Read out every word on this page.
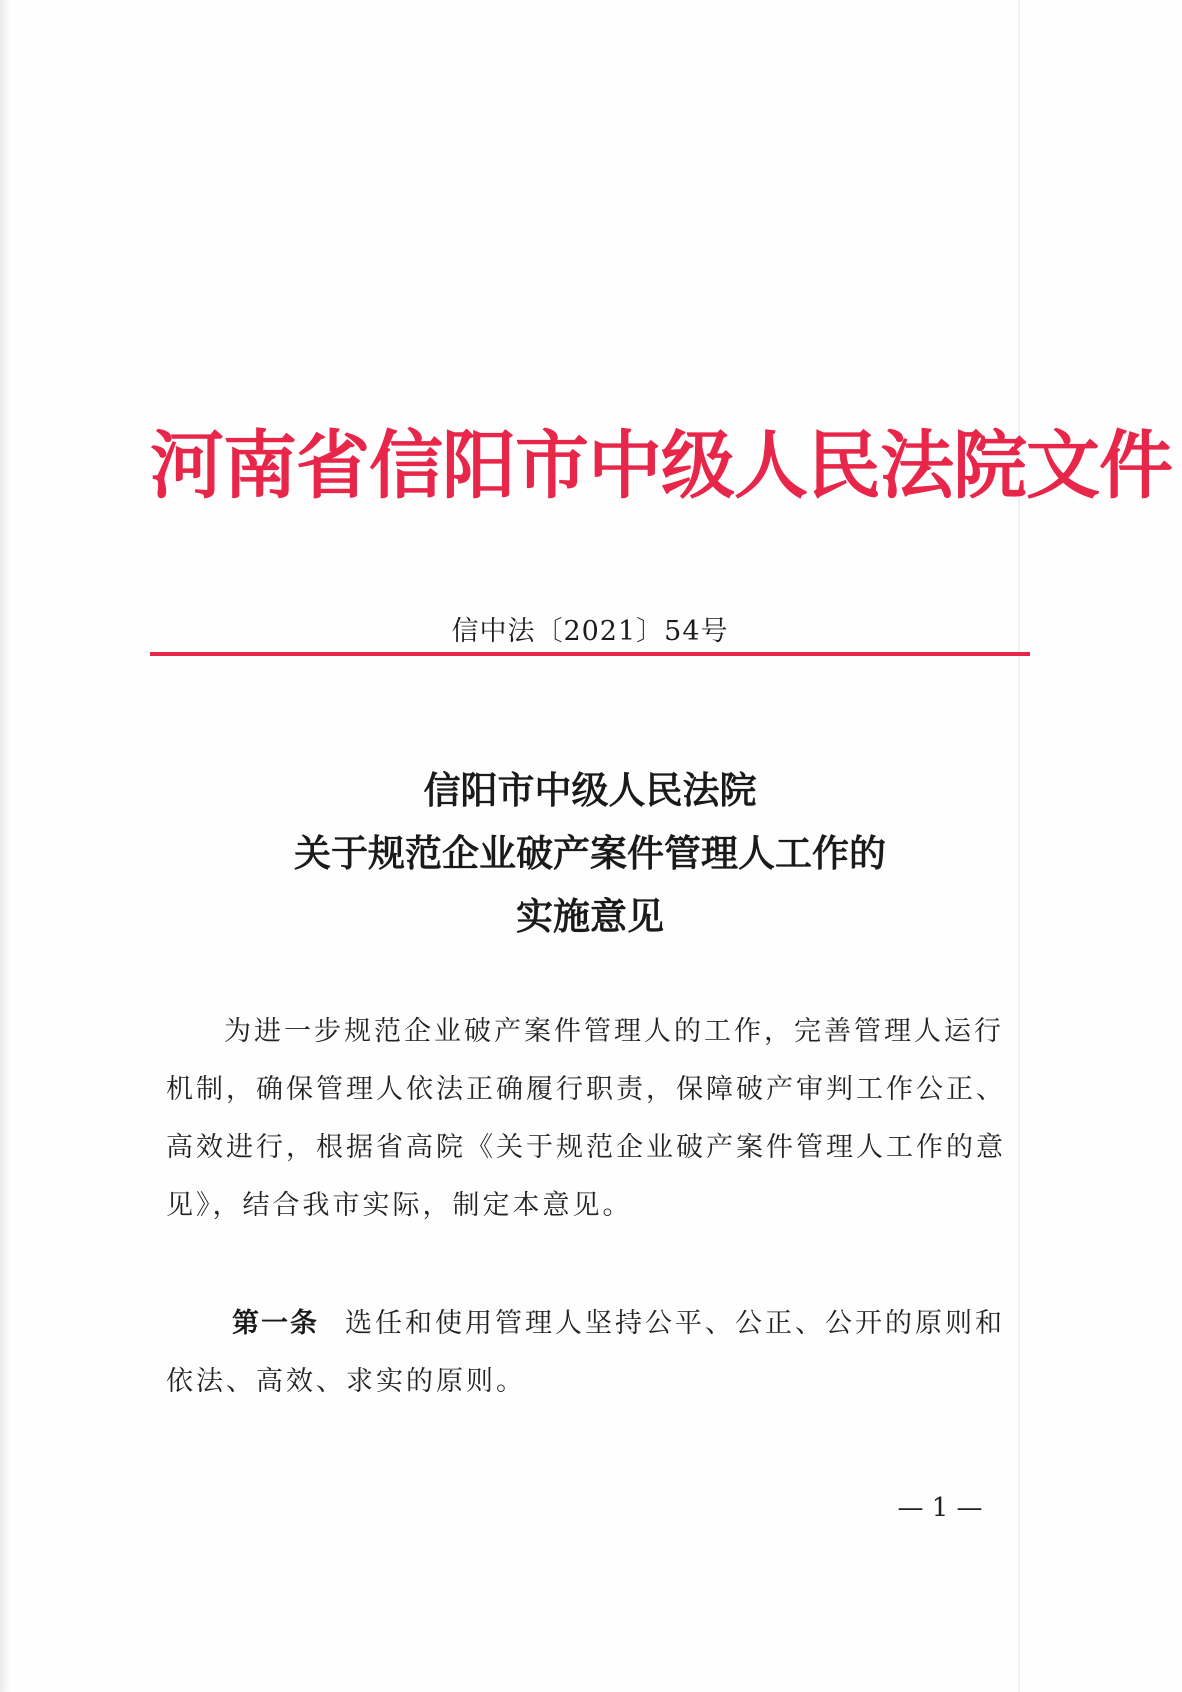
河南省信阳市中级人民法院文件
信中法〔2021〕54号
信阳市中级人民法院
关于规范企业破产案件管理人工作的
实施意见
为进一步规范企业破产案件管理人的工作，完善管理人运行
机制，确保管理人依法正确履行职责，保障破产审判工作公正、
高效进行，根据省高院《关于规范企业破产案件管理人工作的意
见》，结合我市实际，制定本意见。
第一条 选任和使用管理人坚持公平、公正、公开的原则和
依法、高效、求实的原则。
— 1 —
